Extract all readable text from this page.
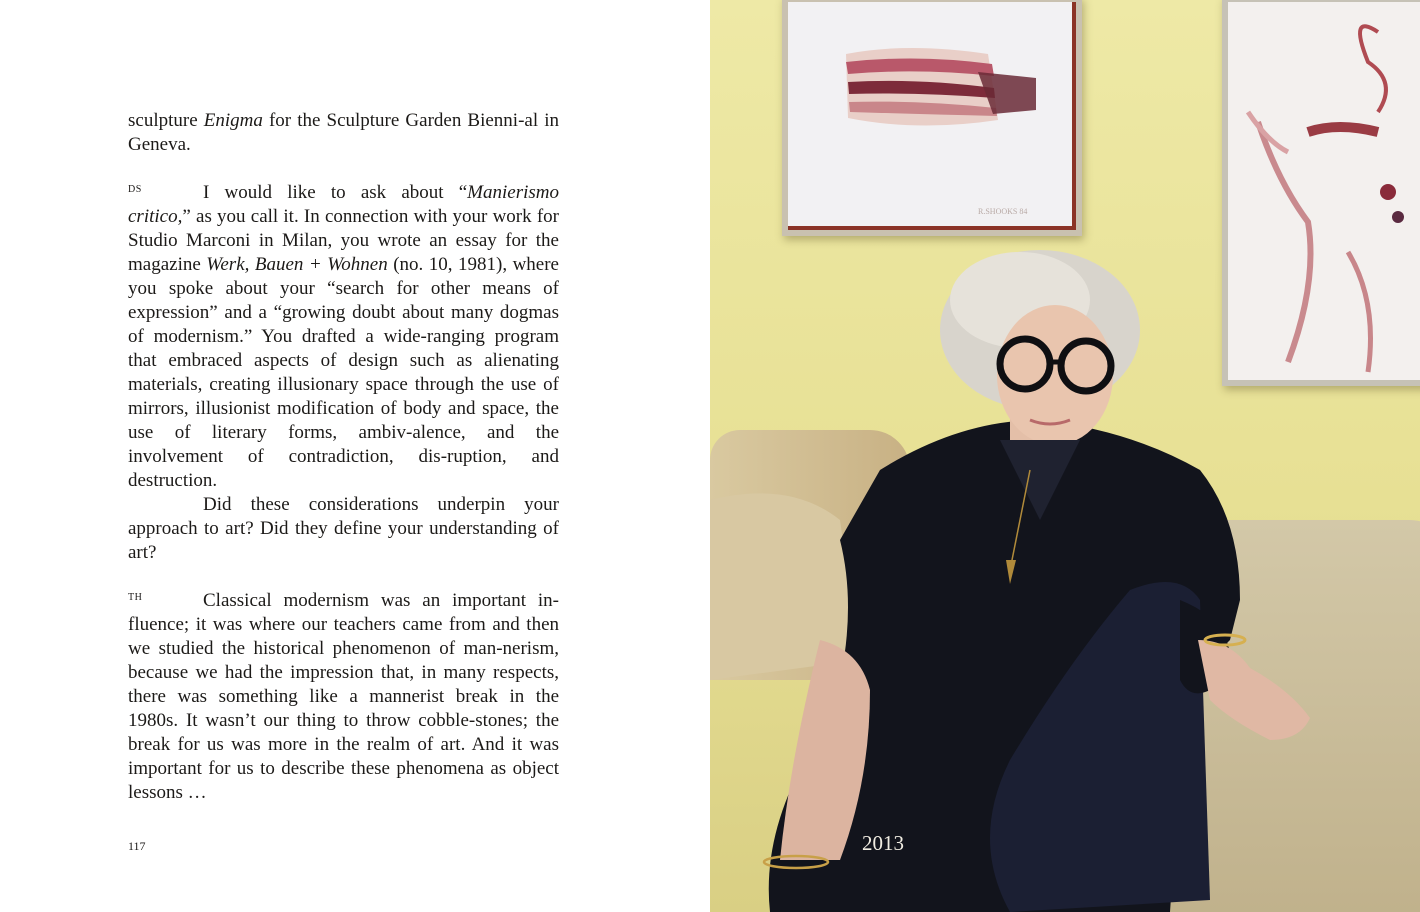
sculpture Enigma for the Sculpture Garden Bienni-al in Geneva.

DS	I would like to ask about “Manierismo critico,” as you call it. In connection with your work for Studio Marconi in Milan, you wrote an essay for the magazine Werk, Bauen + Wohnen (no. 10, 1981), where you spoke about your “search for other means of expression” and a “growing doubt about many dogmas of modernism.” You drafted a wide-ranging program that embraced aspects of design such as alienating materials, creating illusionary space through the use of mirrors, illusionist modification of body and space, the use of literary forms, ambiv-alence, and the involvement of contradiction, dis-ruption, and destruction.

Did these considerations underpin your approach to art? Did they define your understanding of art?

TH	Classical modernism was an important in-fluence; it was where our teachers came from and then we studied the historical phenomenon of man-nerism, because we had the impression that, in many respects, there was something like a mannerist break in the 1980s. It wasn’t our thing to throw cobble-stones; the break for us was more in the realm of art. And it was important for us to describe these phenomena as object lessons …

117
R.SHOOKS 84
2013
